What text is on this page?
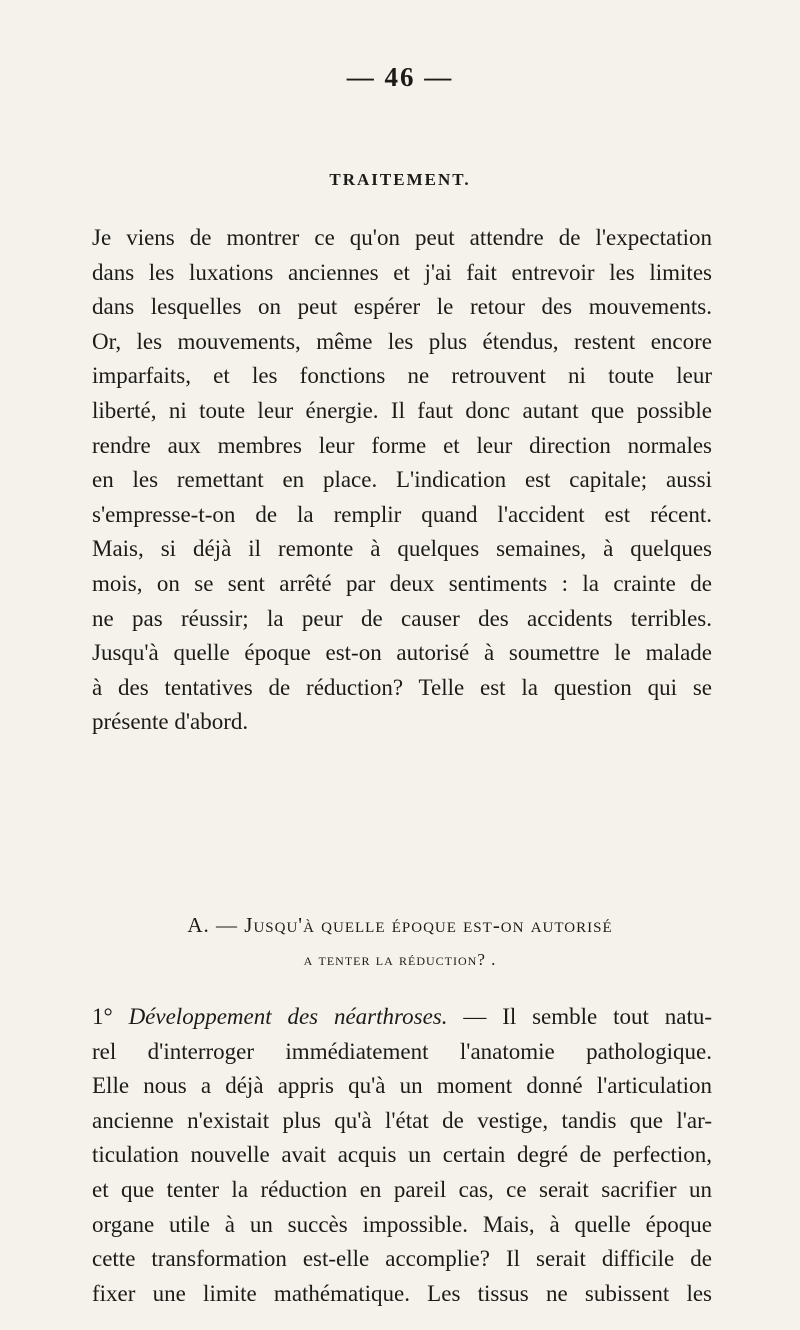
— 46 —
TRAITEMENT.

Je viens de montrer ce qu'on peut attendre de l'expectation
dans les luxations anciennes et j'ai fait entrevoir les limites
dans lesquelles on peut espérer le retour des mouvements.
Or, les mouvements, même les plus étendus, restent encore
imparfaits, et les fonctions ne retrouvent ni toute leur
liberté, ni toute leur énergie. Il faut donc autant que possible
rendre aux membres leur forme et leur direction normales
en les remettant en place. L'indication est capitale; aussi
s'empresse-t-on de la remplir quand l'accident est récent.
Mais, si déjà il remonte à quelques semaines, à quelques
mois, on se sent arrêté par deux sentiments : la crainte de
ne pas réussir; la peur de causer des accidents terribles.
Jusqu'à quelle époque est-on autorisé à soumettre le malade
à des tentatives de réduction? Telle est la question qui se
présente d'abord.

A. — Jusqu'à quelle époque est-on autorisé
a tenter la réduction? .

1° Développement des néarthroses. — Il semble tout natu-
rel d'interroger immédiatement l'anatomie pathologique.
Elle nous a déjà appris qu'à un moment donné l'articulation
ancienne n'existait plus qu'à l'état de vestige, tandis que l'ar-
ticulation nouvelle avait acquis un certain degré de perfection,
et que tenter la réduction en pareil cas, ce serait sacrifier un
organe utile à un succès impossible. Mais, à quelle époque
cette transformation est-elle accomplie? Il serait difficile de
fixer une limite mathématique. Les tissus ne subissent les
